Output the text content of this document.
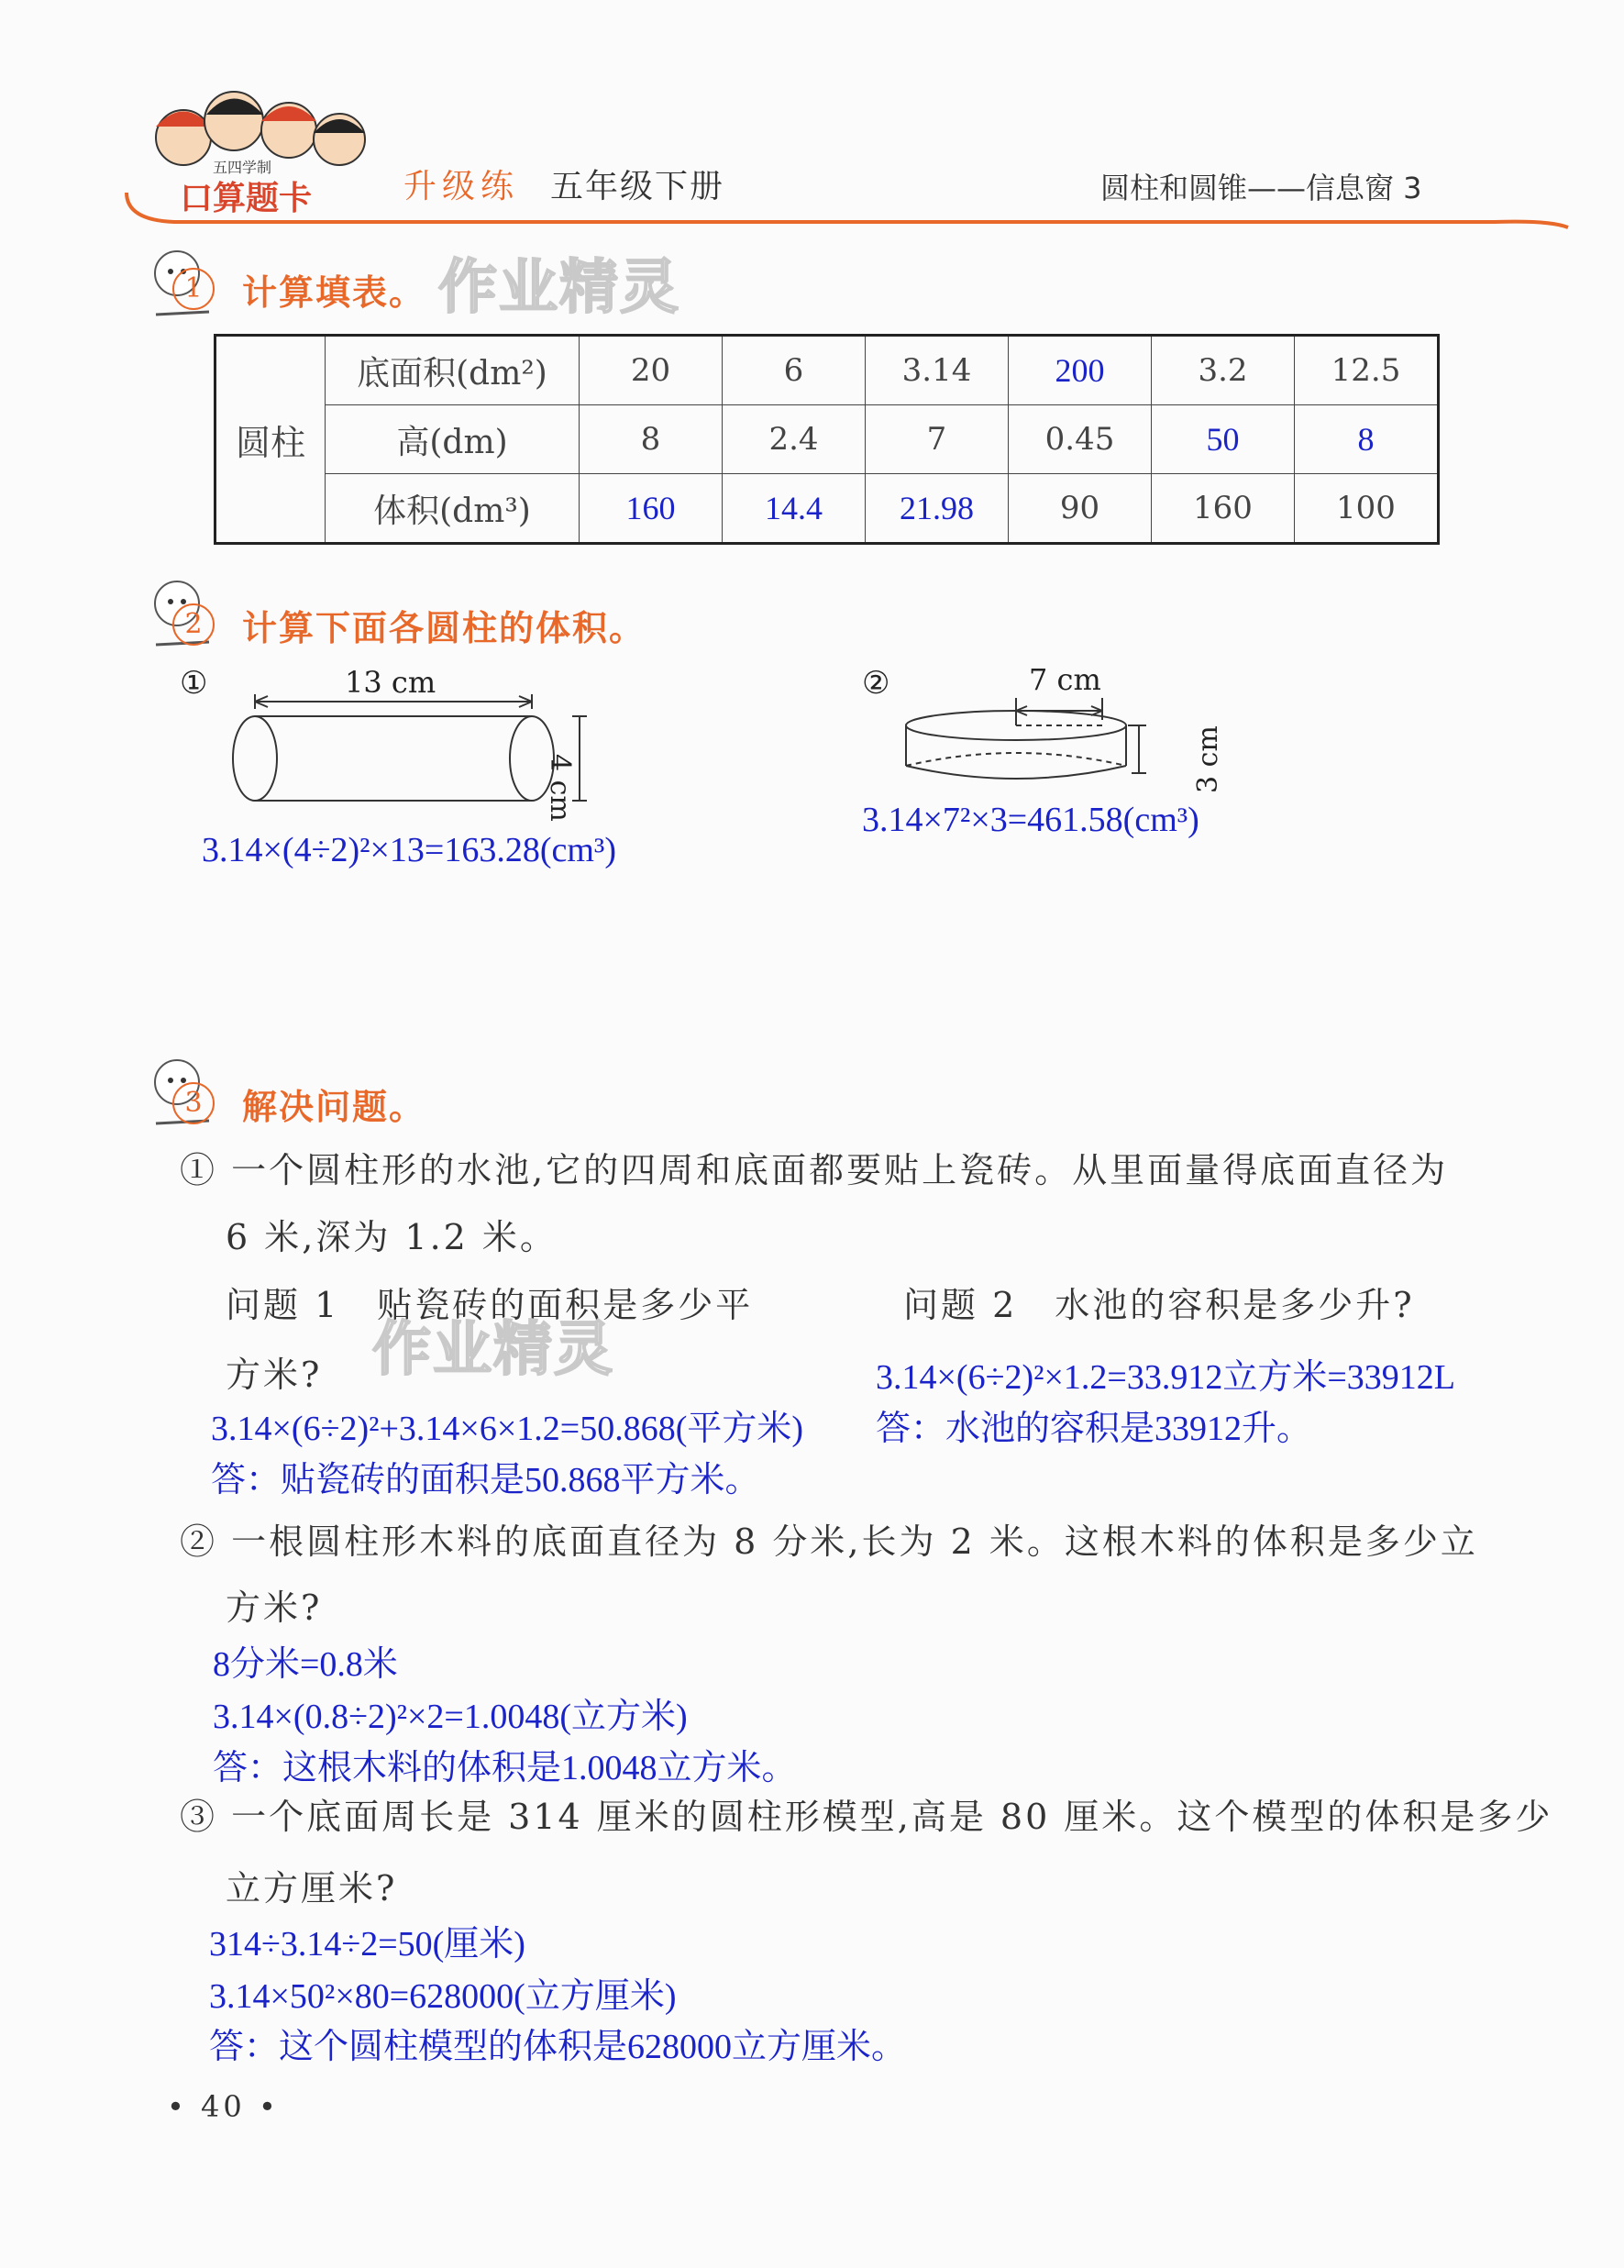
五四学制
口算题卡	升级练 五年级下册	圆柱和圆锥——信息窗 3
1	计算填表。 作业精灵
圆柱	底面积(dm²)	20	6	3.14	200	3.2	12.5
	高(dm)	8	2.4	7	0.45	50	8
	体积(dm³)	160	14.4	21.98	90	160	100
2	计算下面各圆柱的体积。
①	13 cm
4 cm
3.14×(4÷2)²×13=163.28(cm³)
②	7 cm
3 cm
3.14×7²×3=461.58(cm³)
3	解决问题。
① 一个圆柱形的水池,它的四周和底面都要贴上瓷砖。从里面量得底面直径为
6 米,深为 1.2 米。
问题 1　贴瓷砖的面积是多少平
作业精灵
问题 2　水池的容积是多少升?
方米?	3.14×(6÷2)²×1.2=33.912立方米=33912L
3.14×(6÷2)²+3.14×6×1.2=50.868(平方米) 答：水池的容积是33912升。
答：贴瓷砖的面积是50.868平方米。
② 一根圆柱形木料的底面直径为 8 分米,长为 2 米。这根木料的体积是多少立
方米?
8分米=0.8米
3.14×(0.8÷2)²×2=1.0048(立方米)
答：这根木料的体积是1.0048立方米。
③ 一个底面周长是 314 厘米的圆柱形模型,高是 80 厘米。这个模型的体积是多少
立方厘米?
314÷3.14÷2=50(厘米)
3.14×50²×80=628000(立方厘米)
答：这个圆柱模型的体积是628000立方厘米。
• 40 •
